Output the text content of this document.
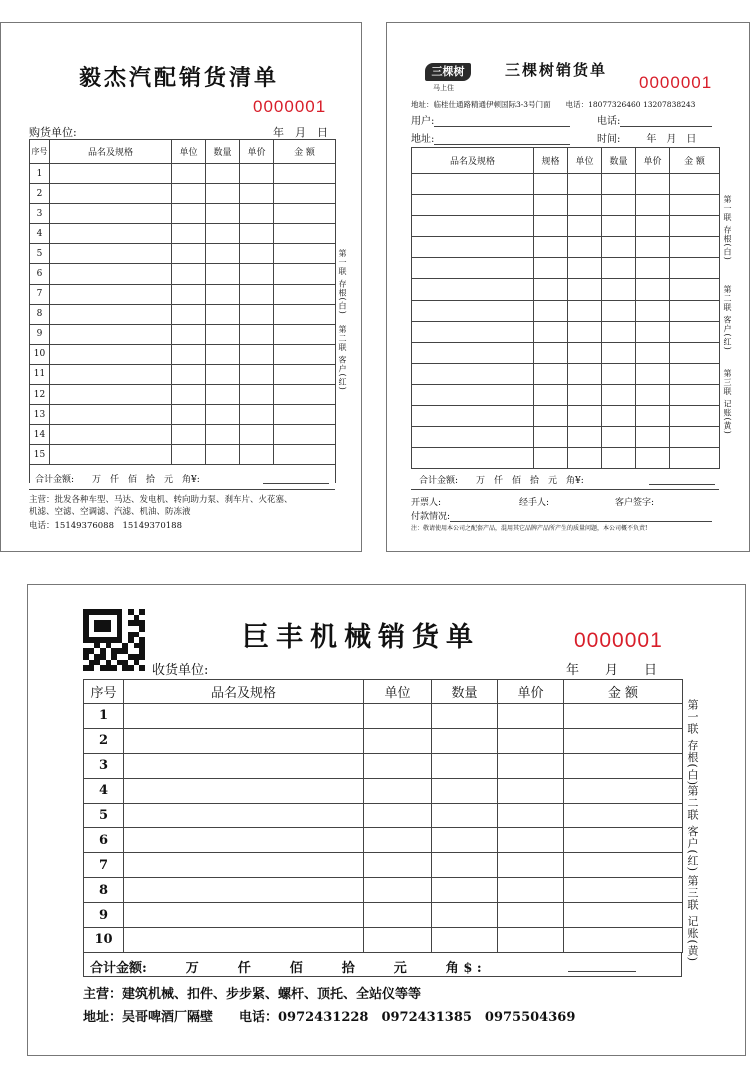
毅杰汽配销货清单
0000001
购货单位:	年　月　日
序号	品名及规格	单位	数量	单价	金 额
1					
2					
3					
4					
5					
6					
7					
8					
9					
10					
11					
12					
13					
14					
15					

合计金额:　　万　仟　佰　拾　元　角¥:
第一联 存根(白)
第二联 客户(红)
主营：批发各种车型、马达、发电机、转向助力泵、刹车片、火花塞、
机滤、空滤、空调滤、汽滤、机油、防冻液
电话：15149376088　15149370188
三棵树
马上住
三棵树销货单
0000001
地址：临桂仕通路精通伊顿国际3-3号门面　　电话：18077326460 13207838243
用户:	电话:
地址:	时间:	年　月　日
品名及规格	规格	单位	数量	单价	金 额

合计金额:　　万　仟　佰　拾　元　角¥:
第一联 存根(白)
第二联 客户(红)
第三联 记账(黄)
开票人:	经手人:	客户签字:
付款情况:
注：敬请使用本公司之配套产品，混用其它品牌产品所产生的质量问题，本公司概不负责!
巨丰机械销货单	0000001
收货单位:	年　　月　　日
序号	品名及规格	单位	数量	单价	金 额
1					
2					
3					
4					
5					
6					
7					
8					
9					
10					
合计金额:　　　万　　　仟　　　佰　　　拾　　　元　　　角 $ :
第一联 存根(白)
第二联 客户(红)
第三联 记账(黄)
主营：建筑机械、扣件、步步紧、螺杆、顶托、全站仪等等
地址：吴哥啤酒厂隔壁　　电话：0972431228　0972431385　0975504369
